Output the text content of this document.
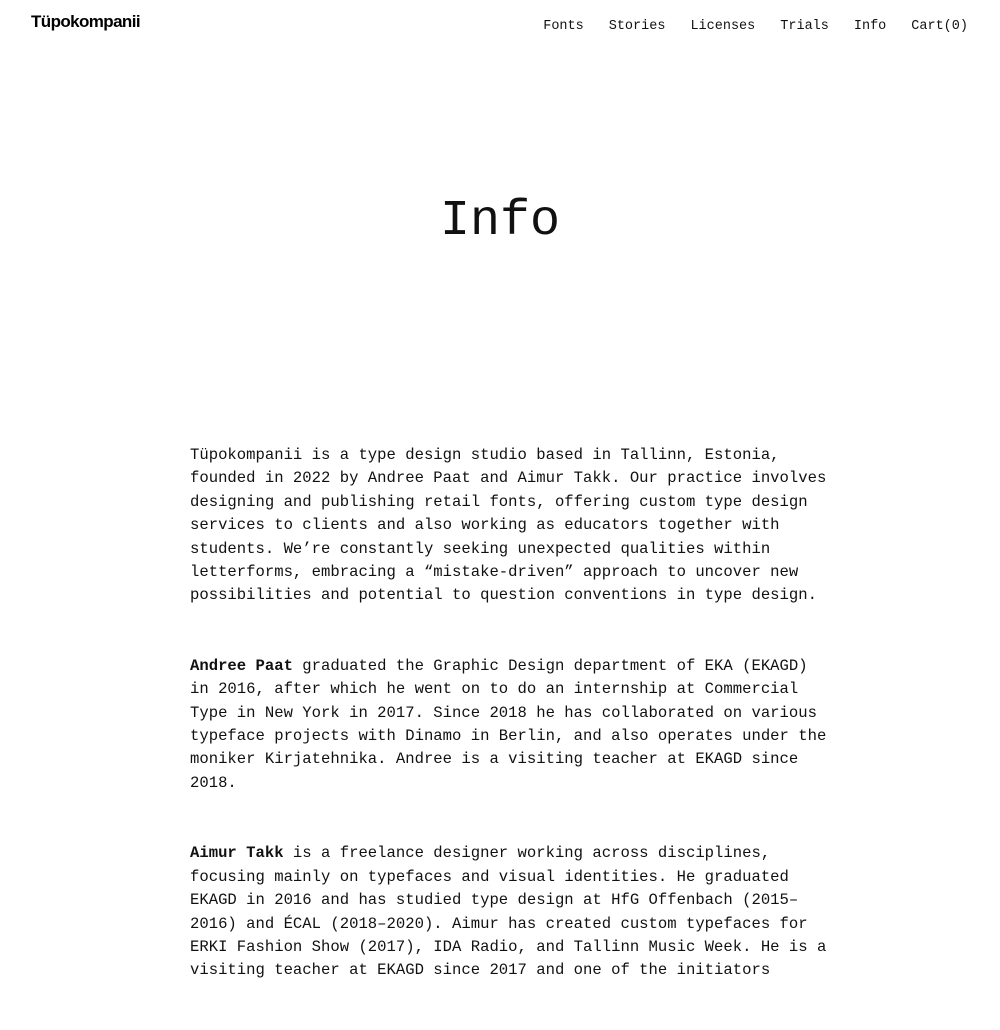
Tüpokompanii	Fonts Stories Licenses Trials Info Cart(0)
Info

Tüpokompanii is a type design studio based in Tallinn, Estonia, founded in 2022 by Andree Paat and Aimur Takk. Our practice involves designing and publishing retail fonts, offering custom type design services to clients and also working as educators together with students. We’re constantly seeking unexpected qualities within letterforms, embracing a “mistake-driven” approach to uncover new possibilities and potential to question conventions in type design.

Andree Paat graduated the Graphic Design department of EKA (EKAGD) in 2016, after which he went on to do an internship at Commercial Type in New York in 2017. Since 2018 he has collaborated on various typeface projects with Dinamo in Berlin, and also operates under the moniker Kirjatehnika. Andree is a visiting teacher at EKAGD since 2018.

Aimur Takk is a freelance designer working across disciplines, focusing mainly on typefaces and visual identities. He graduated EKAGD in 2016 and has studied type design at HfG Offenbach (2015–2016) and ÉCAL (2018–2020). Aimur has created custom typefaces for ERKI Fashion Show (2017), IDA Radio, and Tallinn Music Week. He is a visiting teacher at EKAGD since 2017 and one of the initiators
